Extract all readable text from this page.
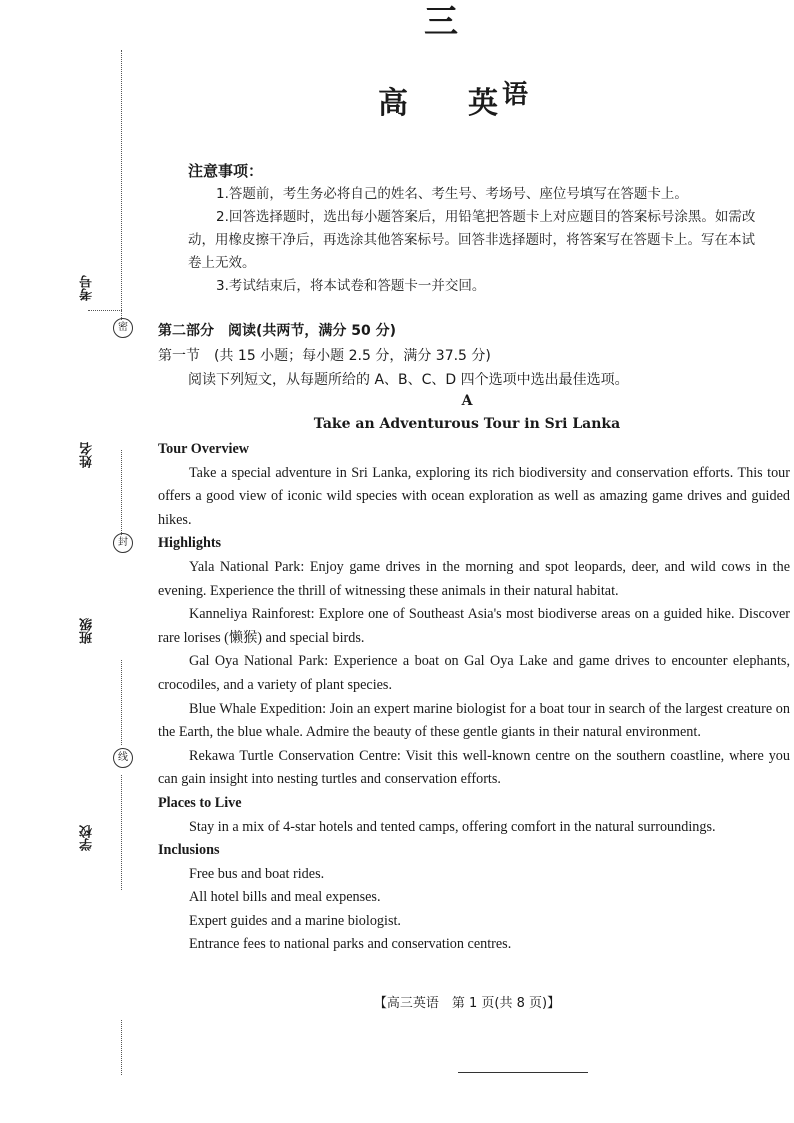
三
高 英语
注意事项：

1.答题前，考生务必将自己的姓名、考生号、考场号、座位号填写在答题卡上。

2.回答选择题时，选出每小题答案后，用铅笔把答题卡上对应题目的答案标号涂黑。如需改动，用橡皮擦干净后，再选涂其他答案标号。回答非选择题时，将答案写在答题卡上。写在本试卷上无效。

3.考试结束后，将本试卷和答题卡一并交回。

第二部分　阅读(共两节，满分 50 分)
第一节　(共 15 小题；每小题 2.5 分，满分 37.5 分)
阅读下列短文，从每题所给的 A、B、C、D 四个选项中选出最佳选项。
A
Take an Adventurous Tour in Sri Lanka

Tour Overview

Take a special adventure in Sri Lanka, exploring its rich biodiversity and conservation efforts. This tour offers a good view of iconic wild species with ocean exploration as well as amazing game drives and guided hikes.

Highlights

Yala National Park: Enjoy game drives in the morning and spot leopards, deer, and wild cows in the evening. Experience the thrill of witnessing these animals in their natural habitat.

Kanneliya Rainforest: Explore one of Southeast Asia's most biodiverse areas on a guided hike. Discover rare lorises (懒猴) and special birds.

Gal Oya National Park: Experience a boat on Gal Oya Lake and game drives to encounter elephants, crocodiles, and a variety of plant species.

Blue Whale Expedition: Join an expert marine biologist for a boat tour in search of the largest creature on the Earth, the blue whale. Admire the beauty of these gentle giants in their natural environment.

Rekawa Turtle Conservation Centre: Visit this well-known centre on the southern coastline, where you can gain insight into nesting turtles and conservation efforts.

Places to Live

Stay in a mix of 4-star hotels and tented camps, offering comfort in the natural surroundings.

Inclusions

Free bus and boat rides.

All hotel bills and meal expenses.

Expert guides and a marine biologist.

Entrance fees to national parks and conservation centres.

【高三英语　第 1 页(共 8 页)】
考号
密
姓名
封
班级
线
学校
